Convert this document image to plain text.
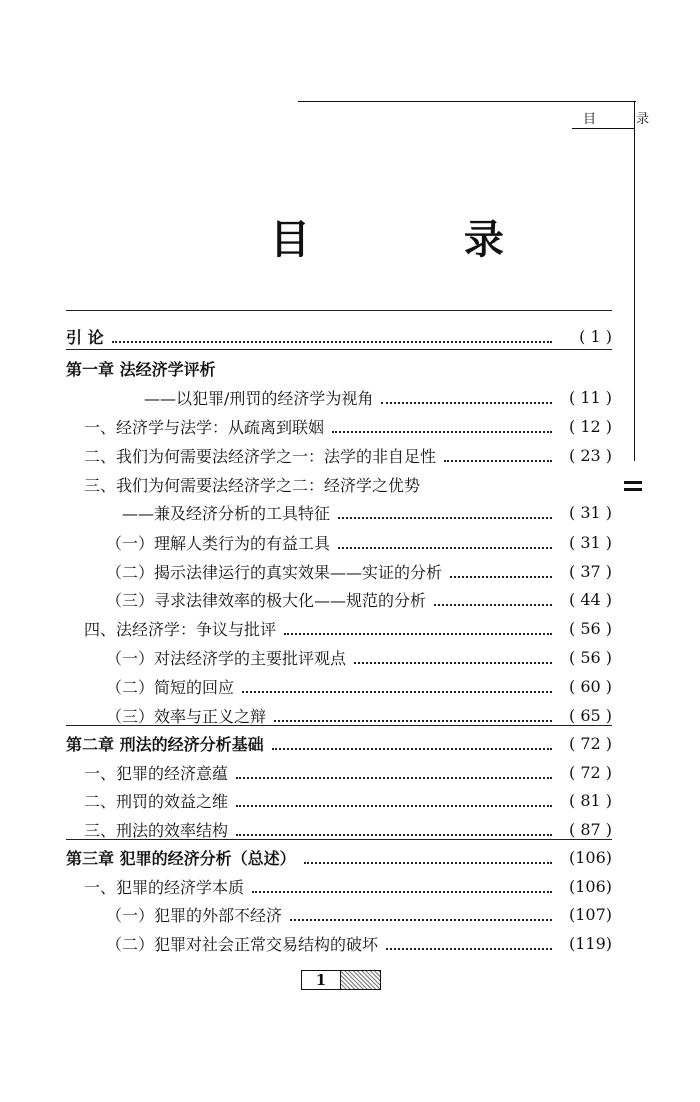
目 录
目 录
引 论	( 1 )
第一章 法经济学评析
——以犯罪/刑罚的经济学为视角	( 11 )
一、经济学与法学：从疏离到联姻	( 12 )
二、我们为何需要法经济学之一：法学的非自足性	( 23 )
三、我们为何需要法经济学之二：经济学之优势
——兼及经济分析的工具特征	( 31 )
（一）理解人类行为的有益工具	( 31 )
（二）揭示法律运行的真实效果——实证的分析	( 37 )
（三）寻求法律效率的极大化——规范的分析	( 44 )
四、法经济学：争议与批评	( 56 )
（一）对法经济学的主要批评观点	( 56 )
（二）简短的回应	( 60 )
（三）效率与正义之辩	( 65 )
第二章 刑法的经济分析基础	( 72 )
一、犯罪的经济意蕴	( 72 )
二、刑罚的效益之维	( 81 )
三、刑法的效率结构	( 87 )
第三章 犯罪的经济分析（总述）	(106)
一、犯罪的经济学本质	(106)
（一）犯罪的外部不经济	(107)
（二）犯罪对社会正常交易结构的破坏	(119)
1
